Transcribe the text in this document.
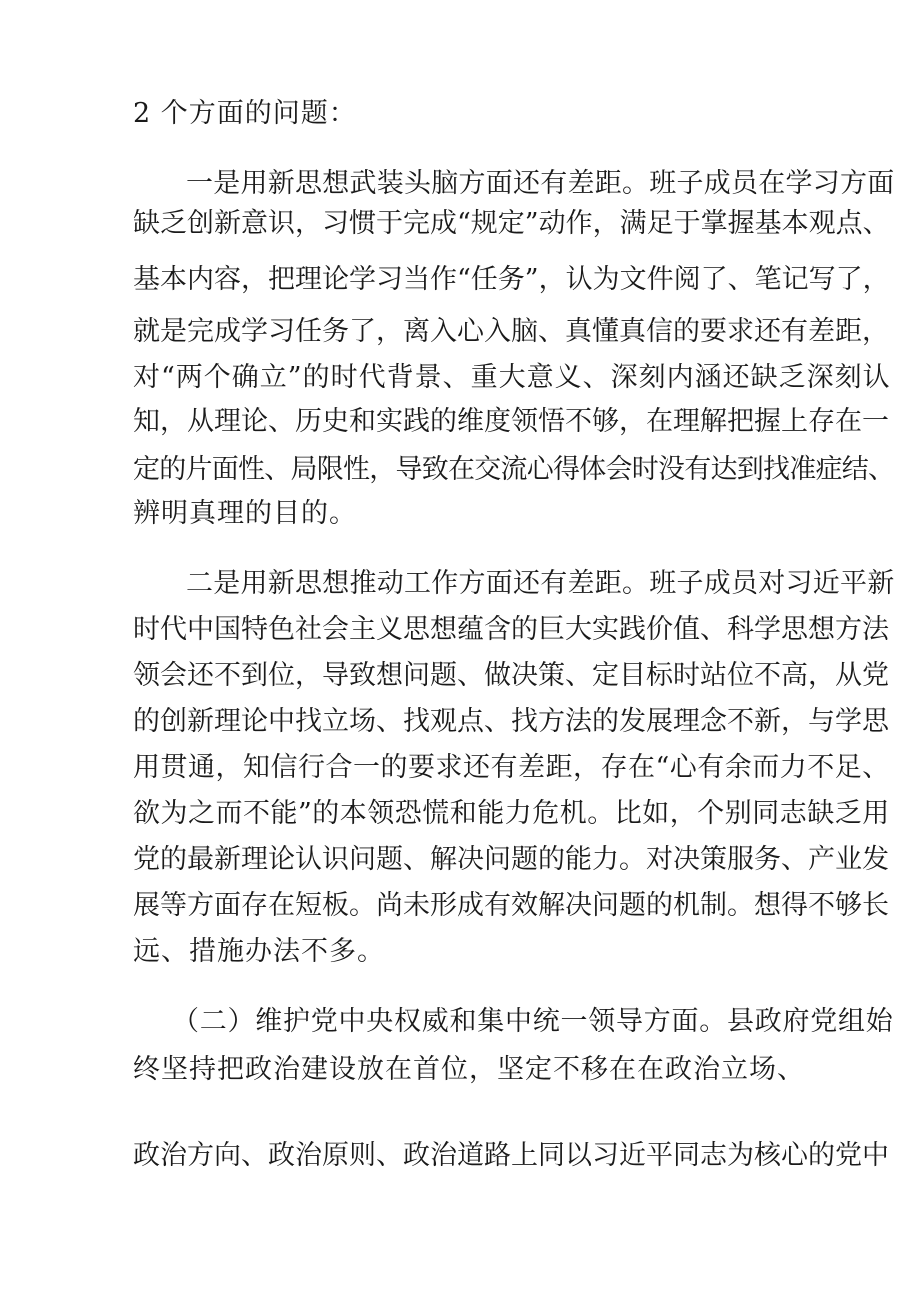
2 个方面的问题：
一是用新思想武装头脑方面还有差距。班子成员在学习方面
缺乏创新意识，习惯于完成“规定”动作，满足于掌握基本观点、
基本内容，把理论学习当作“任务”，认为文件阅了、笔记写了，
就是完成学习任务了，离入心入脑、真懂真信的要求还有差距，
对“两个确立”的时代背景、重大意义、深刻内涵还缺乏深刻认
知，从理论、历史和实践的维度领悟不够，在理解把握上存在一
定的片面性、局限性，导致在交流心得体会时没有达到找准症结、
辨明真理的目的。
二是用新思想推动工作方面还有差距。班子成员对习近平新
时代中国特色社会主义思想蕴含的巨大实践价值、科学思想方法
领会还不到位，导致想问题、做决策、定目标时站位不高，从党
的创新理论中找立场、找观点、找方法的发展理念不新，与学思
用贯通，知信行合一的要求还有差距，存在“心有余而力不足、
欲为之而不能”的本领恐慌和能力危机。比如，个别同志缺乏用
党的最新理论认识问题、解决问题的能力。对决策服务、产业发
展等方面存在短板。尚未形成有效解决问题的机制。想得不够长
远、措施办法不多。
（二）维护党中央权威和集中统一领导方面。县政府党组始
终坚持把政治建设放在首位，坚定不移在在政治立场、
政治方向、政治原则、政治道路上同以习近平同志为核心的党中
